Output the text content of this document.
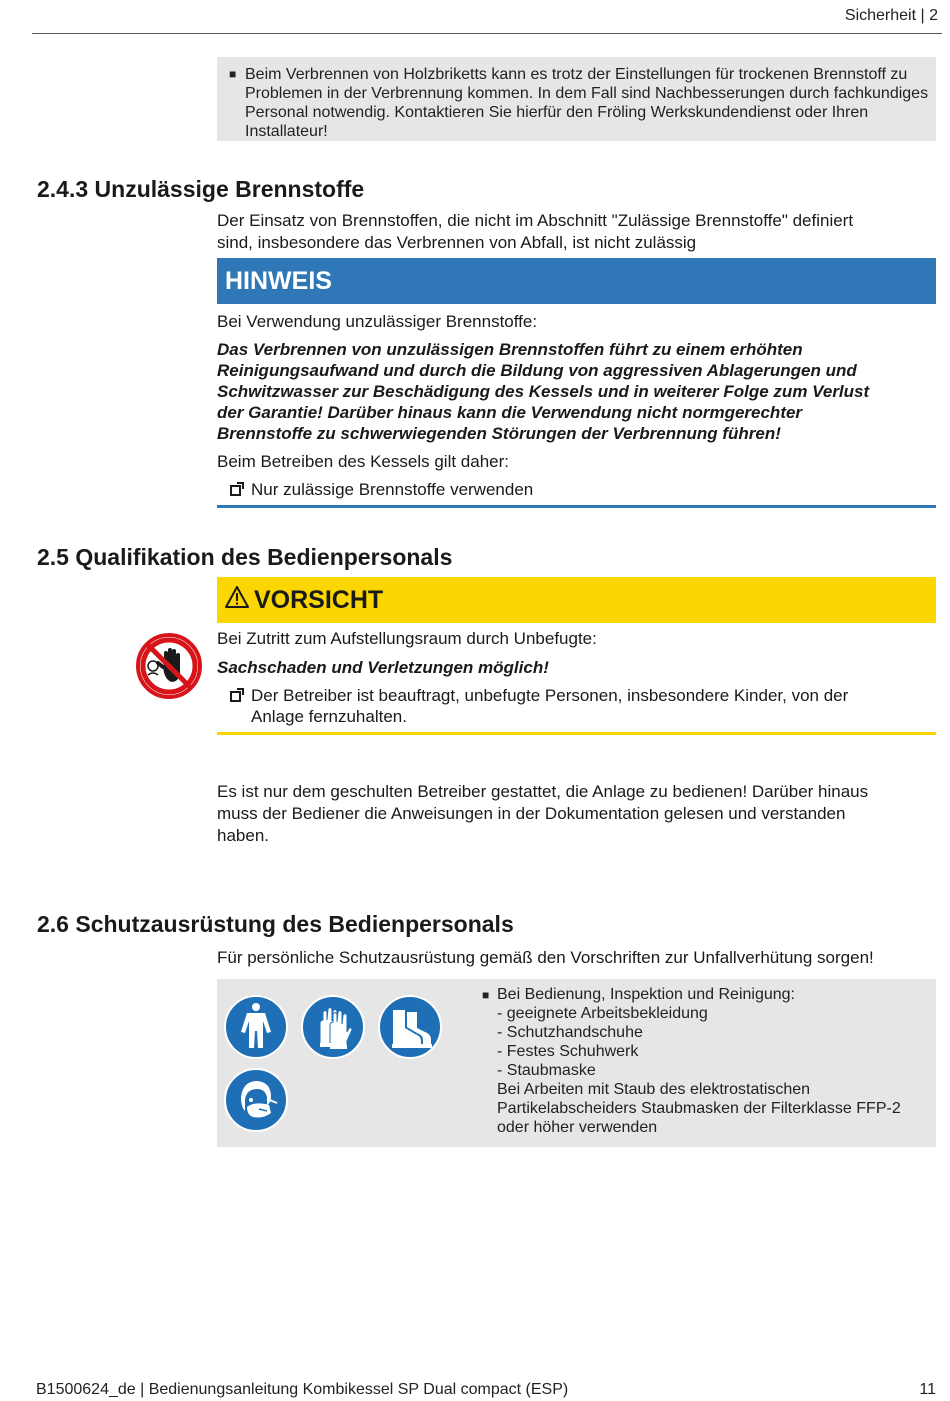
Sicherheit | 2
■ Beim Verbrennen von Holzbriketts kann es trotz der Einstellungen für trockenen Brennstoff zu Problemen in der Verbrennung kommen. In dem Fall sind Nachbesserungen durch fachkundiges Personal notwendig. Kontaktieren Sie hierfür den Fröling Werkskundendienst oder Ihren Installateur!
2.4.3 Unzulässige Brennstoffe
Der Einsatz von Brennstoffen, die nicht im Abschnitt "Zulässige Brennstoffe" definiert
sind, insbesondere das Verbrennen von Abfall, ist nicht zulässig
HINWEIS
Bei Verwendung unzulässiger Brennstoffe:
Das Verbrennen von unzulässigen Brennstoffen führt zu einem erhöhten
Reinigungsaufwand und durch die Bildung von aggressiven Ablagerungen und
Schwitzwasser zur Beschädigung des Kessels und in weiterer Folge zum Verlust
der Garantie! Darüber hinaus kann die Verwendung nicht normgerechter
Brennstoffe zu schwerwiegenden Störungen der Verbrennung führen!
Beim Betreiben des Kessels gilt daher:
Nur zulässige Brennstoffe verwenden
2.5 Qualifikation des Bedienpersonals
VORSICHT
Bei Zutritt zum Aufstellungsraum durch Unbefugte:
Sachschaden und Verletzungen möglich!
Der Betreiber ist beauftragt, unbefugte Personen, insbesondere Kinder, von der
Anlage fernzuhalten.
Es ist nur dem geschulten Betreiber gestattet, die Anlage zu bedienen! Darüber hinaus
muss der Bediener die Anweisungen in der Dokumentation gelesen und verstanden
haben.
2.6 Schutzausrüstung des Bedienpersonals
Für persönliche Schutzausrüstung gemäß den Vorschriften zur Unfallverhütung sorgen!
■ Bei Bedienung, Inspektion und Reinigung:
- geeignete Arbeitsbekleidung
- Schutzhandschuhe
- Festes Schuhwerk
- Staubmaske
Bei Arbeiten mit Staub des elektrostatischen
Partikelabscheiders Staubmasken der Filterklasse FFP-2
oder höher verwenden
B1500624_de | Bedienungsanleitung Kombikessel SP Dual compact (ESP)	11
